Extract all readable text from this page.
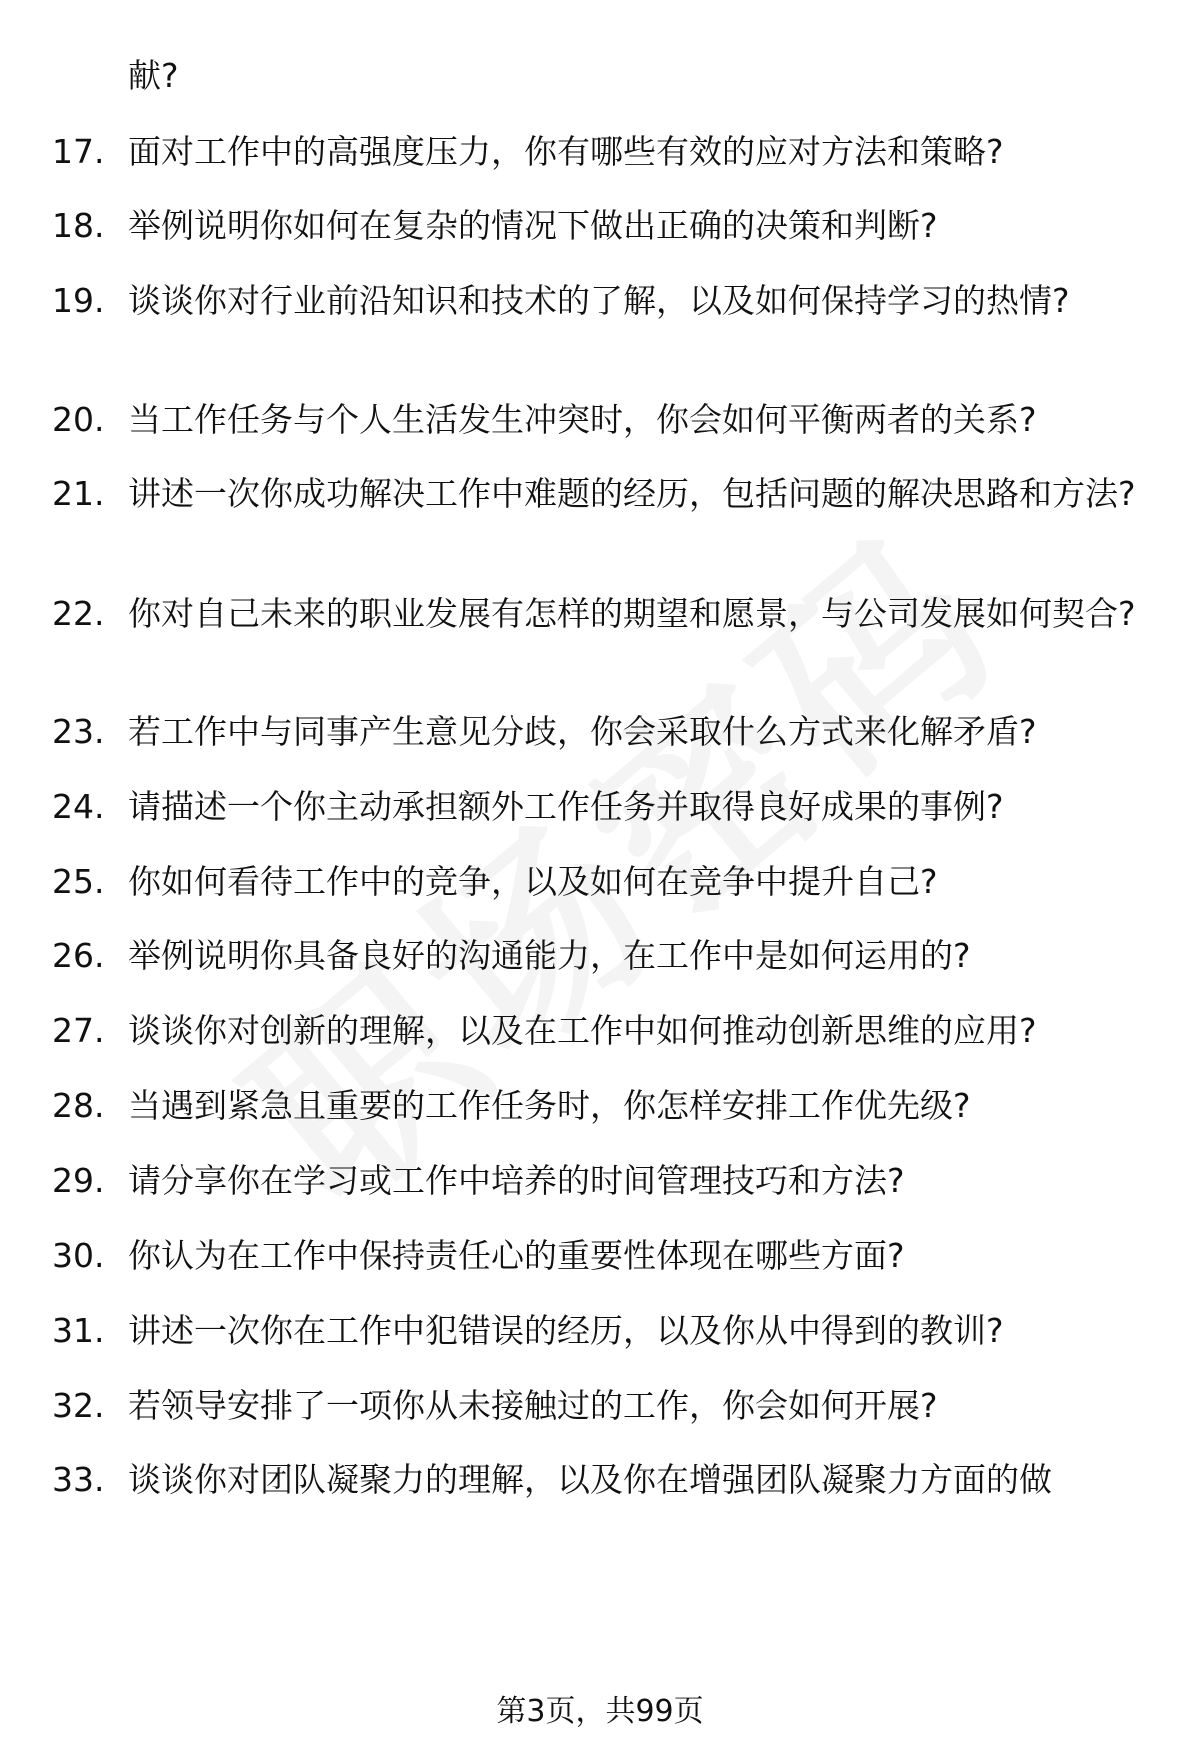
献?
17. 面对工作中的高强度压力，你有哪些有效的应对方法和策略?
18. 举例说明你如何在复杂的情况下做出正确的决策和判断?
19. 谈谈你对行业前沿知识和技术的了解，以及如何保持学习的热情?
20. 当工作任务与个人生活发生冲突时，你会如何平衡两者的关系?
21. 讲述一次你成功解决工作中难题的经历，包括问题的解决思路和方法?
22. 你对自己未来的职业发展有怎样的期望和愿景，与公司发展如何契合?
23. 若工作中与同事产生意见分歧，你会采取什么方式来化解矛盾?
24. 请描述一个你主动承担额外工作任务并取得良好成果的事例?
25. 你如何看待工作中的竞争，以及如何在竞争中提升自己?
26. 举例说明你具备良好的沟通能力，在工作中是如何运用的?
27. 谈谈你对创新的理解，以及在工作中如何推动创新思维的应用?
28. 当遇到紧急且重要的工作任务时，你怎样安排工作优先级?
29. 请分享你在学习或工作中培养的时间管理技巧和方法?
30. 你认为在工作中保持责任心的重要性体现在哪些方面?
31. 讲述一次你在工作中犯错误的经历，以及你从中得到的教训?
32. 若领导安排了一项你从未接触过的工作，你会如何开展?
33. 谈谈你对团队凝聚力的理解，以及你在增强团队凝聚力方面的做
第3页，共99页
